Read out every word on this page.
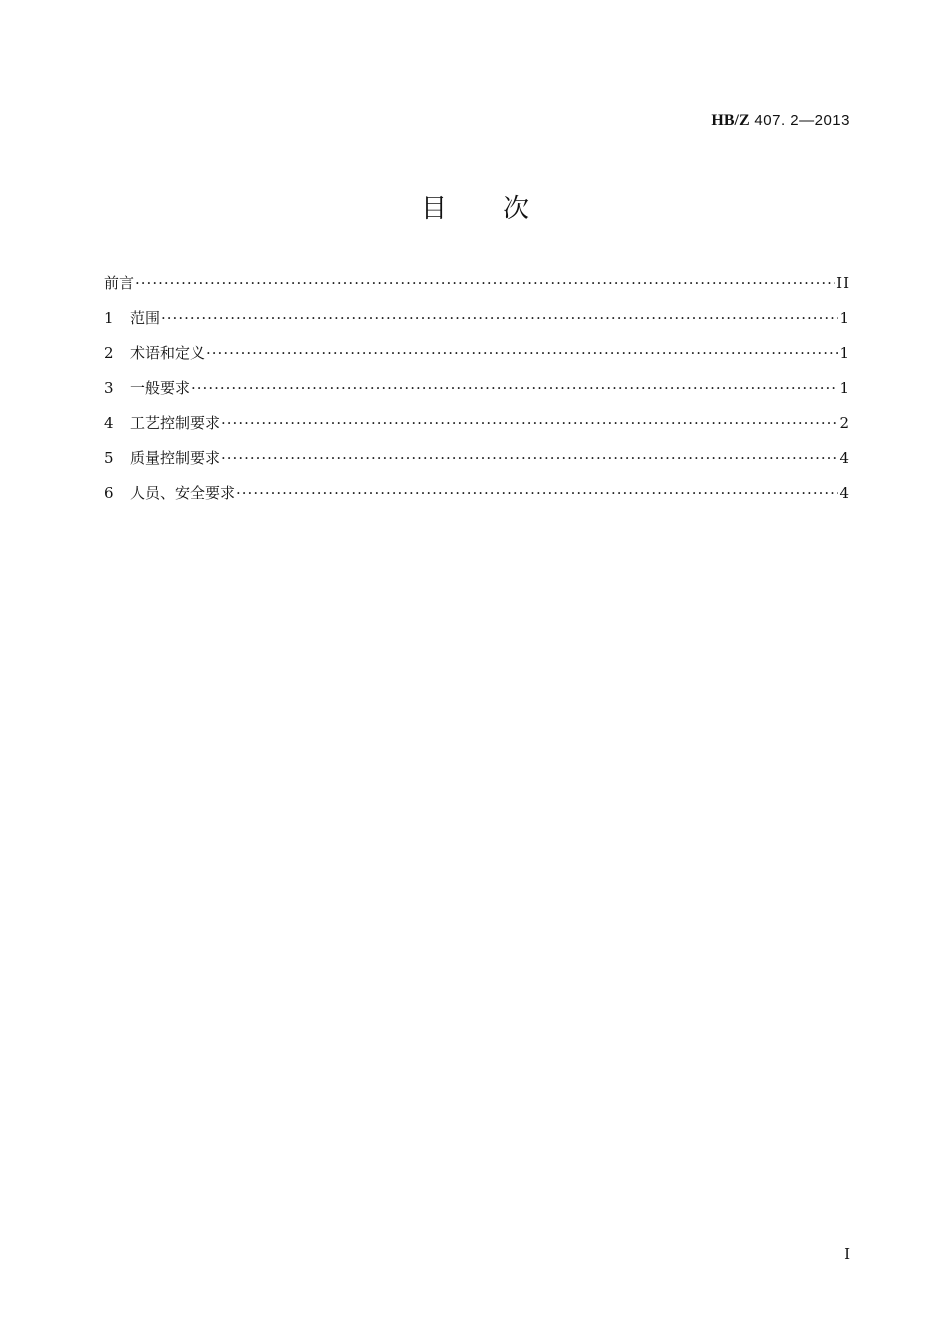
HB/Z 407. 2—2013
目 次
前言 ·····	II
1	范围 ·····	1
2	术语和定义 ·····	1
3	一般要求 ·····	1
4	工艺控制要求 ·····	2
5	质量控制要求 ·····	4
6	人员、安全要求 ·····	4
I
